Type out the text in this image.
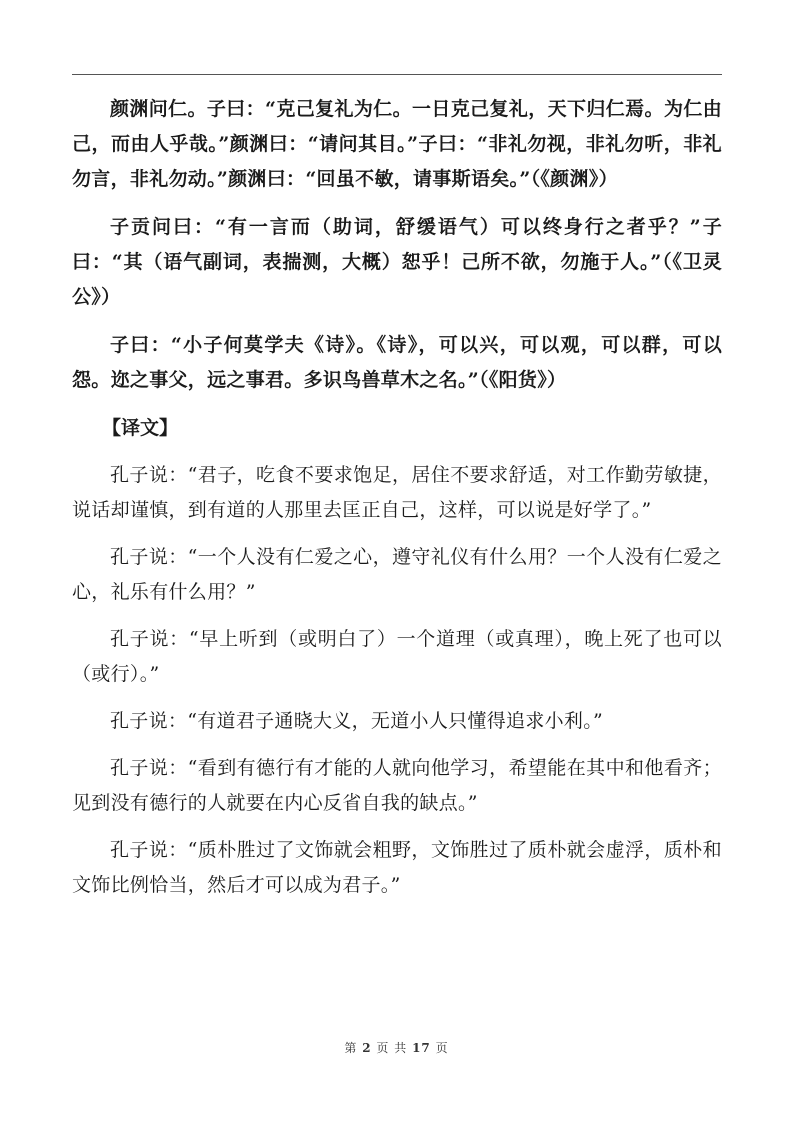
颜渊问仁。子曰：“克己复礼为仁。一日克己复礼，天下归仁焉。为仁由己，而由人乎哉。”颜渊曰：“请问其目。”子曰：“非礼勿视，非礼勿听，非礼勿言，非礼勿动。”颜渊曰：“回虽不敏，请事斯语矣。”（《颜渊》）

子贡问曰：“有一言而（助词，舒缓语气）可以终身行之者乎？”子曰：“其（语气副词，表揣测，大概）恕乎！己所不欲，勿施于人。”（《卫灵公》）

子曰：“小子何莫学夫《诗》。《诗》，可以兴，可以观，可以群，可以怨。迩之事父，远之事君。多识鸟兽草木之名。”（《阳货》）

【译文】

孔子说：“君子，吃食不要求饱足，居住不要求舒适，对工作勤劳敏捷，说话却谨慎，到有道的人那里去匡正自己，这样，可以说是好学了。”

孔子说：“一个人没有仁爱之心，遵守礼仪有什么用？一个人没有仁爱之心，礼乐有什么用？”

孔子说：“早上听到（或明白了）一个道理（或真理），晚上死了也可以（或行）。”

孔子说：“有道君子通晓大义，无道小人只懂得追求小利。”

孔子说：“看到有德行有才能的人就向他学习，希望能在其中和他看齐；见到没有德行的人就要在内心反省自我的缺点。”

孔子说：“质朴胜过了文饰就会粗野，文饰胜过了质朴就会虚浮，质朴和文饰比例恰当，然后才可以成为君子。”

第 2 页 共 17 页
